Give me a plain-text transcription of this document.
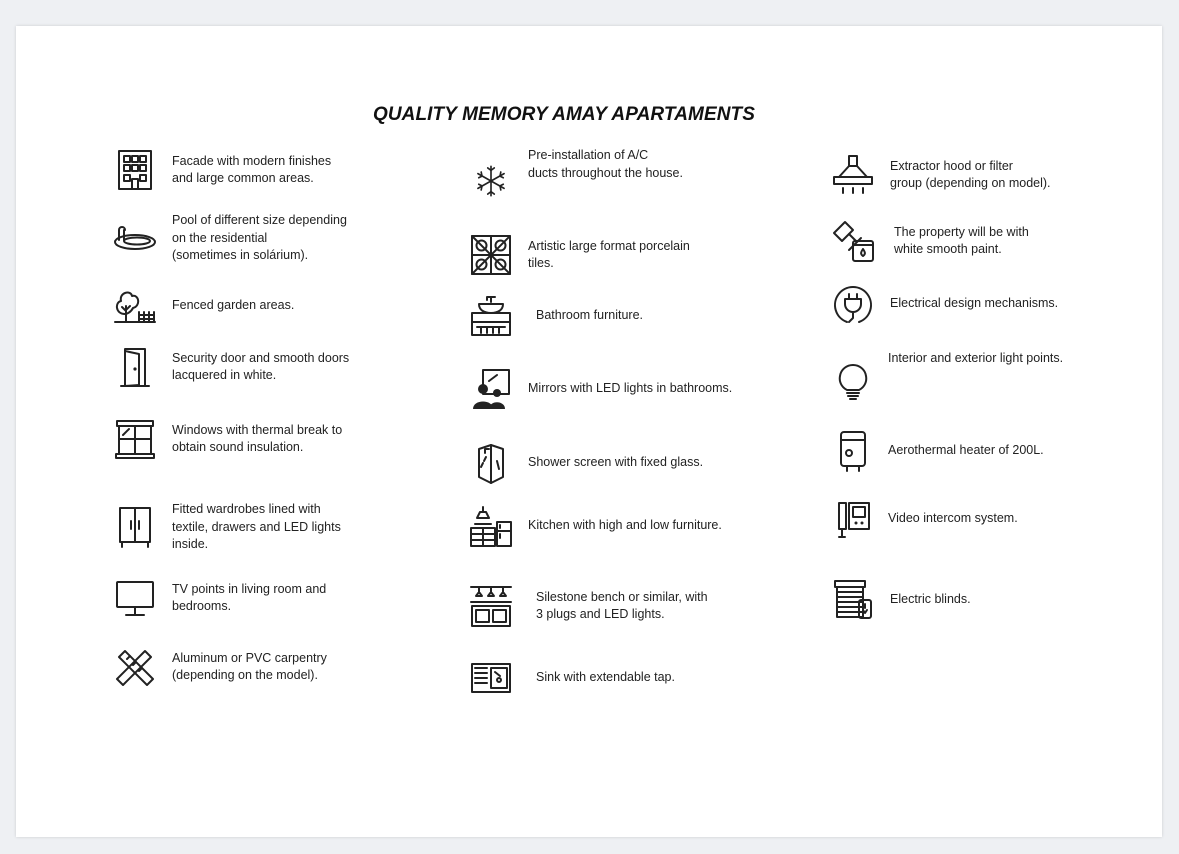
QUALITY MEMORY AMAY APARTAMENTS
Facade with modern finishes
and large common areas.
Pool of different size depending
on the residential
(sometimes in solárium).
Fenced garden areas.
Security door and smooth doors
lacquered in white.
Windows with thermal break to
obtain sound insulation.
Fitted wardrobes lined with
textile, drawers and LED lights
inside.
TV points in living room and
bedrooms.
Aluminum or PVC carpentry
(depending on the model).
Pre-installation of A/C
ducts throughout the house.
Artistic large format porcelain
tiles.
Bathroom furniture.
Mirrors with LED lights in bathrooms.
Shower screen with fixed glass.
Kitchen with high and low furniture.
Silestone bench or similar, with
3 plugs and LED lights.
Sink with extendable tap.
Extractor hood or filter
group (depending on model).
The property will be with
white smooth paint.
Electrical design mechanisms.
Interior and exterior light points.
Aerothermal heater of 200L.
Video intercom system.
Electric blinds.
